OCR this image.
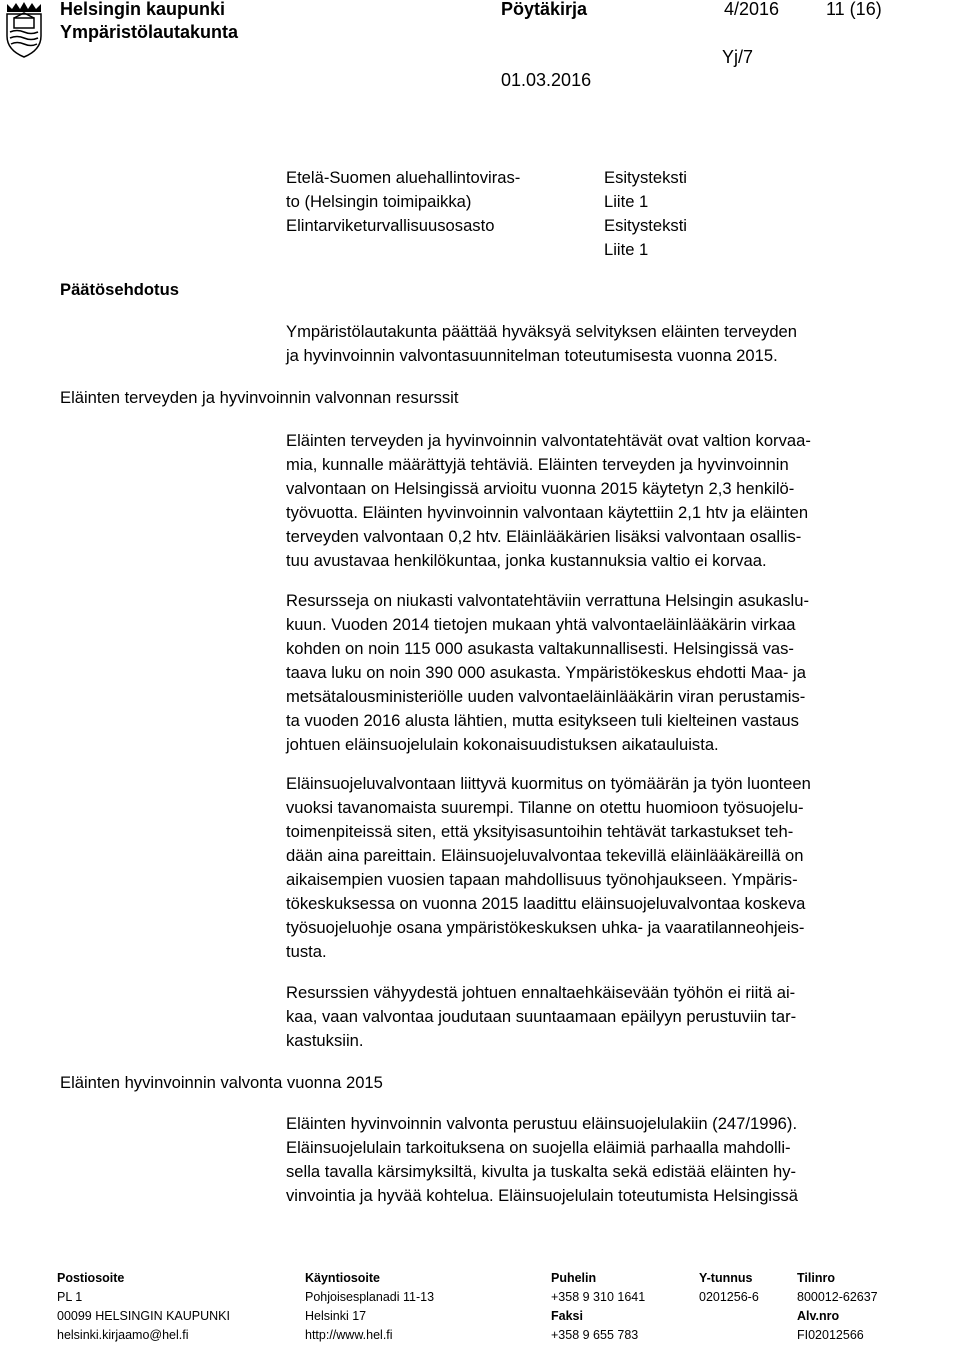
Helsingin kaupunki
Ympäristölautakunta
Pöytäkirja	4/2016	11 (16)
Yj/7
01.03.2016
Etelä-Suomen aluehallintoviras-
to (Helsingin toimipaikka)
Elintarviketurvallisuusosasto
Esitysteksti
Liite 1
Esitysteksti
Liite 1
Päätösehdotus

Ympäristölautakunta päättää hyväksyä selvityksen eläinten terveyden

ja hyvinvoinnin valvontasuunnitelman toteutumisesta vuonna 2015.

Eläinten terveyden ja hyvinvoinnin valvonnan resurssit

Eläinten terveyden ja hyvinvoinnin valvontatehtävät ovat valtion korvaa-

mia, kunnalle määrättyjä tehtäviä. Eläinten terveyden ja hyvinvoinnin

valvontaan on Helsingissä arvioitu vuonna 2015 käytetyn 2,3 henkilö-

työvuotta. Eläinten hyvinvoinnin valvontaan käytettiin 2,1 htv ja eläinten

terveyden valvontaan 0,2 htv. Eläinlääkärien lisäksi valvontaan osallis-

tuu avustavaa henkilökuntaa, jonka kustannuksia valtio ei korvaa.

Resursseja on niukasti valvontatehtäviin verrattuna Helsingin asukaslu-

kuun. Vuoden 2014 tietojen mukaan yhtä valvontaeläinlääkärin virkaa

kohden on noin 115 000 asukasta valtakunnallisesti. Helsingissä vas-

taava luku on noin 390 000 asukasta. Ympäristökeskus ehdotti Maa- ja

metsätalousministeriölle uuden valvontaeläinlääkärin viran perustamis-

ta vuoden 2016 alusta lähtien, mutta esitykseen tuli kielteinen vastaus

johtuen eläinsuojelulain kokonaisuudistuksen aikatauluista.

Eläinsuojeluvalvontaan liittyvä kuormitus on työmäärän ja työn luonteen

vuoksi tavanomaista suurempi. Tilanne on otettu huomioon työsuojelu-

toimenpiteissä siten, että yksityisasuntoihin tehtävät tarkastukset teh-

dään aina pareittain. Eläinsuojeluvalvontaa tekevillä eläinlääkäreillä on

aikaisempien vuosien tapaan mahdollisuus työnohjaukseen. Ympäris-

tökeskuksessa on vuonna 2015 laadittu eläinsuojeluvalvontaa koskeva

työsuojeluohje osana ympäristökeskuksen uhka- ja vaaratilanneohjeis-

tusta.

Resurssien vähyydestä johtuen ennaltaehkäisevään työhön ei riitä ai-

kaa, vaan valvontaa joudutaan suuntaamaan epäilyyn perustuviin tar-

kastuksiin.

Eläinten hyvinvoinnin valvonta vuonna 2015

Eläinten hyvinvoinnin valvonta perustuu eläinsuojelulakiin (247/1996).

Eläinsuojelulain tarkoituksena on suojella eläimiä parhaalla mahdolli-

sella tavalla kärsimyksiltä, kivulta ja tuskalta sekä edistää eläinten hy-

vinvointia ja hyvää kohtelua. Eläinsuojelulain toteutumista Helsingissä

Postiosoite
PL 1
00099 HELSINGIN KAUPUNKI
helsinki.kirjaamo@hel.fi
Käyntiosoite
Pohjoisesplanadi 11-13
Helsinki 17
http://www.hel.fi
Puhelin
+358 9 310 1641
Faksi
+358 9 655 783
Y-tunnus
0201256-6
Tilinro
800012-62637
Alv.nro
FI02012566
